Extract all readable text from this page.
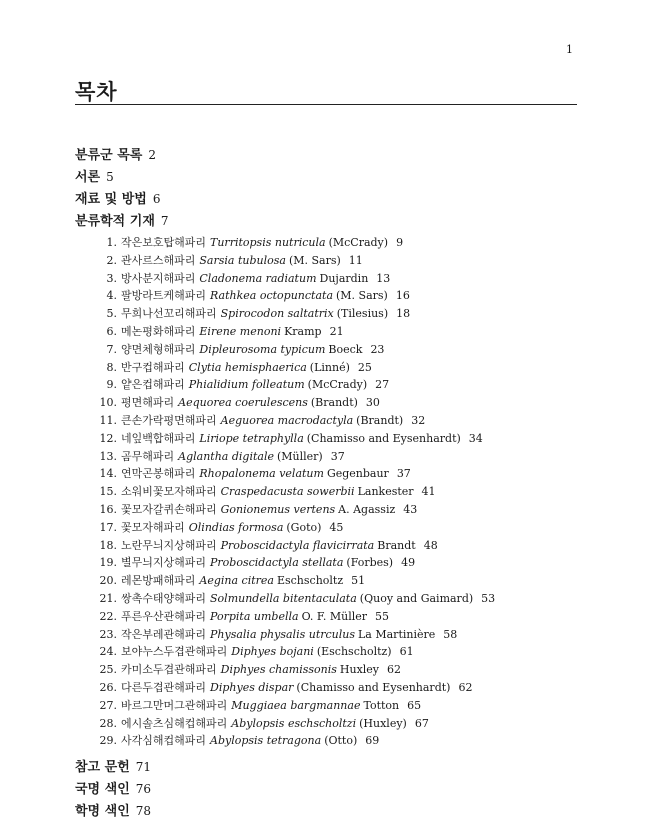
1
목차
분류군 목록 2
서론 5
재료 및 방법 6
분류학적 기재 7
1. 작은보호탑해파리 Turritopsis nutricula (McCrady) 9
2. 관사르스해파리 Sarsia tubulosa (M. Sars) 11
3. 방사분지해파리 Cladonema radiatum Dujardin 13
4. 팔방라트케해파리 Rathkea octopunctata (M. Sars) 16
5. 무희나선꼬리해파리 Spirocodon saltatrix (Tilesius) 18
6. 메논평화해파리 Eirene menoni Kramp 21
7. 양면체형해파리 Dipleurosoma typicum Boeck 23
8. 반구컵해파리 Clytia hemisphaerica (Linné) 25
9. 얕은컵해파리 Phialidium folleatum (McCrady) 27
10. 평면해파리 Aequorea coerulescens (Brandt) 30
11. 큰손가락평면해파리 Aeguorea macrodactyla (Brandt) 32
12. 네잎백합해파리 Liriope tetraphylla (Chamisso and Eysenhardt) 34
13. 곰무해파리 Aglantha digitale (Müller) 37
14. 연막곤봉해파리 Rhopalonema velatum Gegenbaur 37
15. 소워비꽃모자해파리 Craspedacusta sowerbii Lankester 41
16. 꽃모자갈퀴손해파리 Gonionemus vertens A. Agassiz 43
17. 꽃모자해파리 Olindias formosa (Goto) 45
18. 노란무늬지상해파리 Proboscidactyla flavicirrata Brandt 48
19. 별무늬지상해파리 Proboscidactyla stellata (Forbes) 49
20. 레몬방패해파리 Aegina citrea Eschscholtz 51
21. 쌍촉수태양해파리 Solmundella bitentaculata (Quoy and Gaimard) 53
22. 푸른우산관해파리 Porpita umbella O. F. Müller 55
23. 작은부레관해파리 Physalia physalis utrculus La Martinière 58
24. 보야누스두겹관해파리 Diphyes bojani (Eschscholtz) 61
25. 카미소두겹관해파리 Diphyes chamissonis Huxley 62
26. 다른두겹관해파리 Diphyes dispar (Chamisso and Eysenhardt) 62
27. 바르그만머그관해파리 Muggiaea bargmannae Totton 65
28. 에시솔츠심해컵해파리 Abylopsis eschscholtzi (Huxley) 67
29. 사각심해컵해파리 Abylopsis tetragona (Otto) 69
참고 문헌 71
국명 색인 76
학명 색인 78
